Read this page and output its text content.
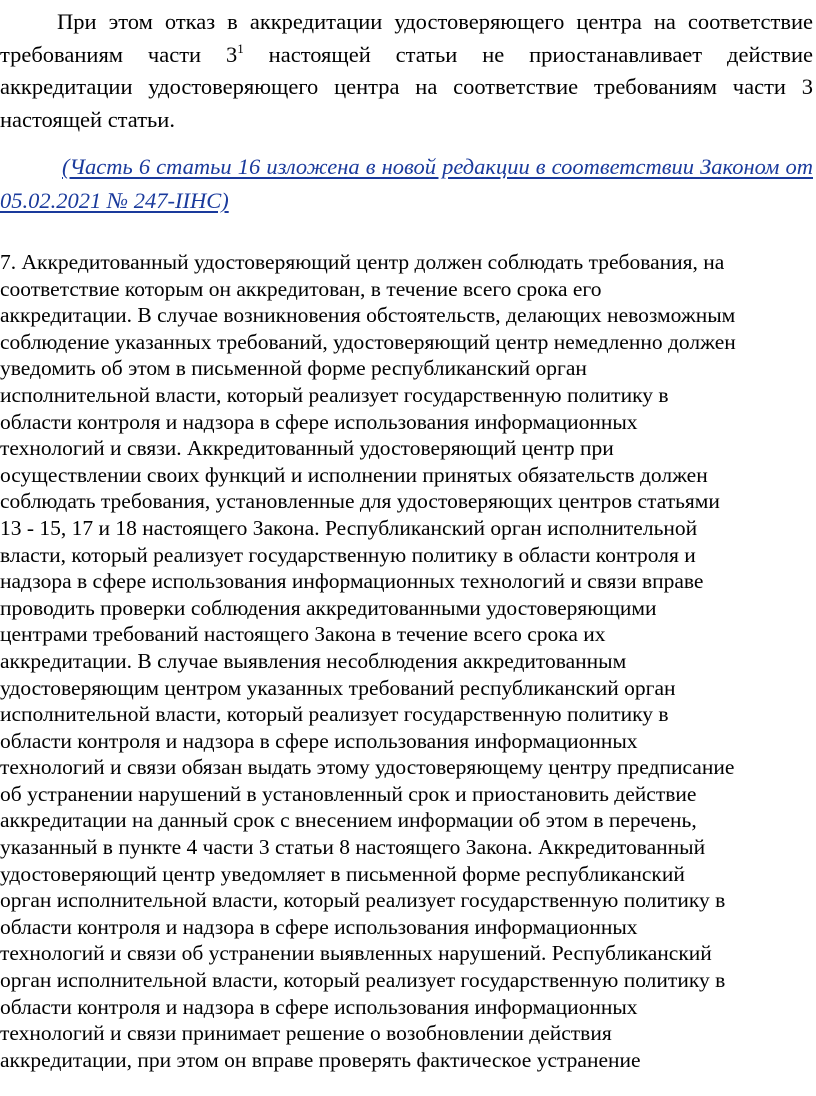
При этом отказ в аккредитации удостоверяющего центра на соответствие требованиям части $3^1$ настоящей статьи не приостанавливает действие аккредитации удостоверяющего центра на соответствие требованиям части 3 настоящей статьи.

(Часть 6 статьи 16 изложена в новой редакции в соответствии Законом от 05.02.2021 № 247-IIНС)

7. Аккредитованный удостоверяющий центр должен соблюдать требования, на
соответствие которым он аккредитован, в течение всего срока его
аккредитации. В случае возникновения обстоятельств, делающих невозможным
соблюдение указанных требований, удостоверяющий центр немедленно должен
уведомить об этом в письменной форме республиканский орган
исполнительной власти, который реализует государственную политику в
области контроля и надзора в сфере использования информационных
технологий и связи. Аккредитованный удостоверяющий центр при
осуществлении своих функций и исполнении принятых обязательств должен
соблюдать требования, установленные для удостоверяющих центров статьями
13 - 15, 17 и 18 настоящего Закона. Республиканский орган исполнительной
власти, который реализует государственную политику в области контроля и
надзора в сфере использования информационных технологий и связи вправе
проводить проверки соблюдения аккредитованными удостоверяющими
центрами требований настоящего Закона в течение всего срока их
аккредитации. В случае выявления несоблюдения аккредитованным
удостоверяющим центром указанных требований республиканский орган
исполнительной власти, который реализует государственную политику в
области контроля и надзора в сфере использования информационных
технологий и связи обязан выдать этому удостоверяющему центру предписание
об устранении нарушений в установленный срок и приостановить действие
аккредитации на данный срок с внесением информации об этом в перечень,
указанный в пункте 4 части 3 статьи 8 настоящего Закона. Аккредитованный
удостоверяющий центр уведомляет в письменной форме республиканский
орган исполнительной власти, который реализует государственную политику в
области контроля и надзора в сфере использования информационных
технологий и связи об устранении выявленных нарушений. Республиканский
орган исполнительной власти, который реализует государственную политику в
области контроля и надзора в сфере использования информационных
технологий и связи принимает решение о возобновлении действия
аккредитации, при этом он вправе проверять фактическое устранение
